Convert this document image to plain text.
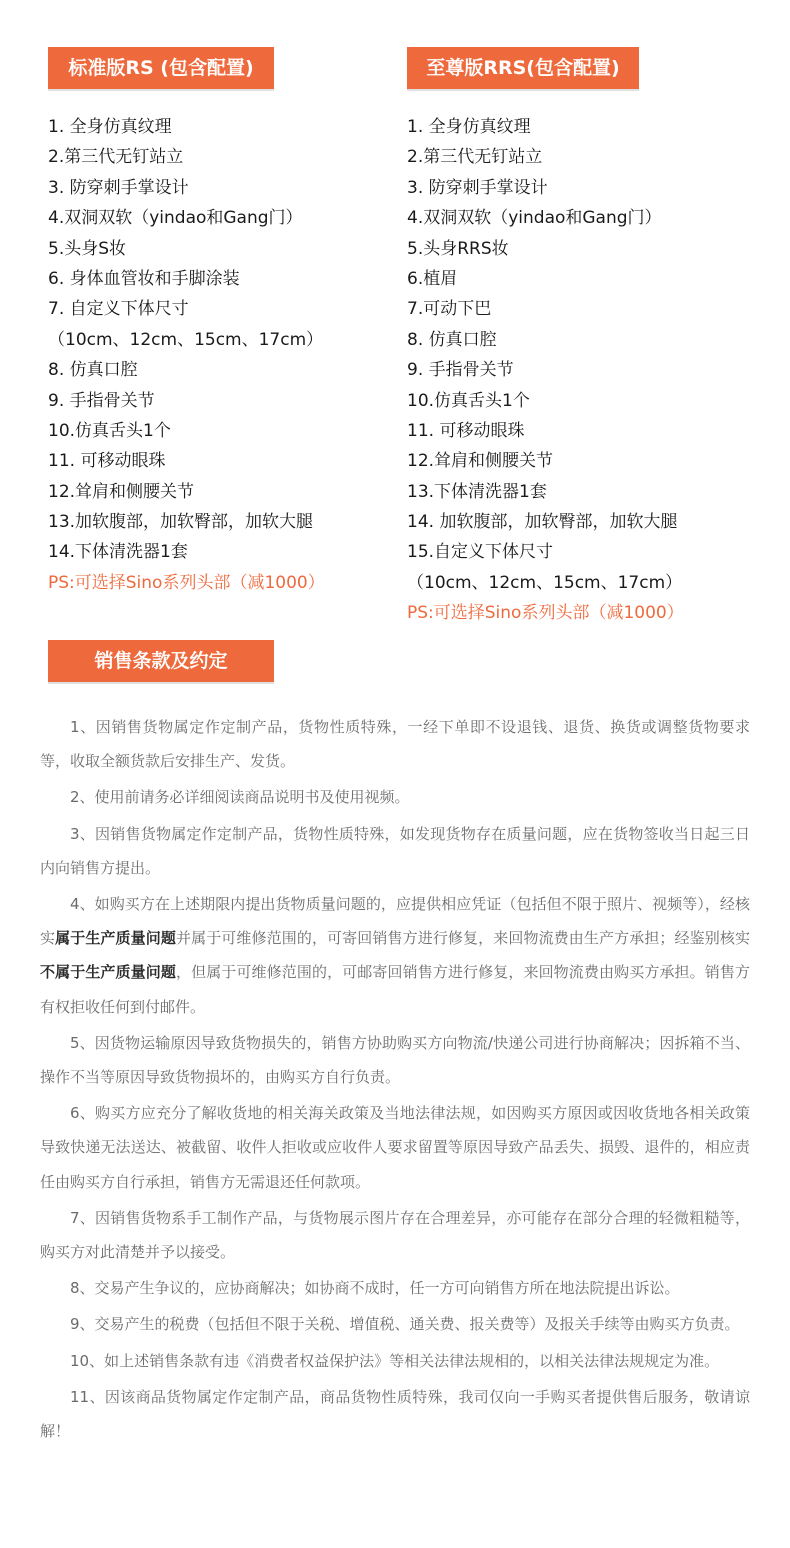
标准版RS (包含配置)
1. 全身仿真纹理
2.第三代无钉站立
3. 防穿刺手掌设计
4.双洞双软（yindao和Gang门）
5.头身S妆
6. 身体血管妆和手脚涂装
7. 自定义下体尺寸
（10cm、12cm、15cm、17cm）
8. 仿真口腔
9. 手指骨关节
10.仿真舌头1个
11. 可移动眼珠
12.耸肩和侧腰关节
13.加软腹部，加软臀部，加软大腿
14.下体清洗器1套
PS:可选择Sino系列头部（减1000）
至尊版RRS(包含配置)
1. 全身仿真纹理
2.第三代无钉站立
3. 防穿刺手掌设计
4.双洞双软（yindao和Gang门）
5.头身RRS妆
6.植眉
7.可动下巴
8. 仿真口腔
9. 手指骨关节
10.仿真舌头1个
11. 可移动眼珠
12.耸肩和侧腰关节
13.下体清洗器1套
14. 加软腹部，加软臀部，加软大腿
15.自定义下体尺寸
（10cm、12cm、15cm、17cm）
PS:可选择Sino系列头部（减1000）
销售条款及约定

1、因销售货物属定作定制产品，货物性质特殊，一经下单即不设退钱、退货、换货或调整货物要求等，收取全额货款后安排生产、发货。

2、使用前请务必详细阅读商品说明书及使用视频。

3、因销售货物属定作定制产品，货物性质特殊，如发现货物存在质量问题，应在货物签收当日起三日内向销售方提出。

4、如购买方在上述期限内提出货物质量问题的，应提供相应凭证（包括但不限于照片、视频等），经核实属于生产质量问题并属于可维修范围的，可寄回销售方进行修复，来回物流费由生产方承担；经鉴别核实不属于生产质量问题，但属于可维修范围的，可邮寄回销售方进行修复，来回物流费由购买方承担。销售方有权拒收任何到付邮件。

5、因货物运输原因导致货物损失的，销售方协助购买方向物流/快递公司进行协商解决；因拆箱不当、操作不当等原因导致货物损坏的，由购买方自行负责。

6、购买方应充分了解收货地的相关海关政策及当地法律法规，如因购买方原因或因收货地各相关政策导致快递无法送达、被截留、收件人拒收或应收件人要求留置等原因导致产品丢失、损毁、退件的，相应责任由购买方自行承担，销售方无需退还任何款项。

7、因销售货物系手工制作产品，与货物展示图片存在合理差异，亦可能存在部分合理的轻微粗糙等，购买方对此清楚并予以接受。

8、交易产生争议的，应协商解决；如协商不成时，任一方可向销售方所在地法院提出诉讼。

9、交易产生的税费（包括但不限于关税、增值税、通关费、报关费等）及报关手续等由购买方负责。

10、如上述销售条款有违《消费者权益保护法》等相关法律法规相的，以相关法律法规规定为准。

11、因该商品货物属定作定制产品，商品货物性质特殊，我司仅向一手购买者提供售后服务，敬请谅解！
